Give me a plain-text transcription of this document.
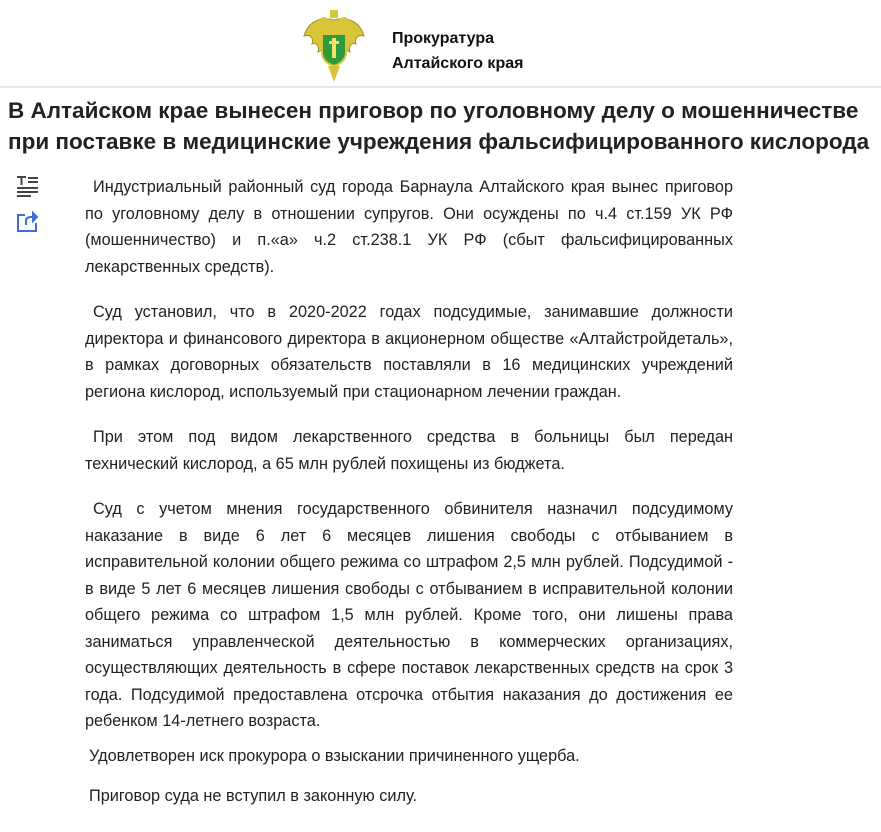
Прокуратура
Алтайского края
В Алтайском крае вынесен приговор по уголовному делу о мошенничестве при поставке в медицинские учреждения фальсифицированного кислорода

Индустриальный районный суд города Барнаула Алтайского края вынес приговор по уголовному делу в отношении супругов. Они осуждены по ч.4 ст.159 УК РФ (мошенничество) и п.«а» ч.2 ст.238.1 УК РФ (сбыт фальсифицированных лекарственных средств).

Суд установил, что в 2020-2022 годах подсудимые, занимавшие должности директора и финансового директора в акционерном обществе «Алтайстройдеталь», в рамках договорных обязательств поставляли в 16 медицинских учреждений региона кислород, используемый при стационарном лечении граждан.

При этом под видом лекарственного средства в больницы был передан технический кислород, а 65 млн рублей похищены из бюджета.

Суд с учетом мнения государственного обвинителя назначил подсудимому наказание в виде 6 лет 6 месяцев лишения свободы с отбыванием в исправительной колонии общего режима со штрафом 2,5 млн рублей. Подсудимой - в виде 5 лет 6 месяцев лишения свободы с отбыванием в исправительной колонии общего режима со штрафом 1,5 млн рублей. Кроме того, они лишены права заниматься управленческой деятельностью в коммерческих организациях, осуществляющих деятельность в сфере поставок лекарственных средств на срок 3 года. Подсудимой предоставлена отсрочка отбытия наказания до достижения ее ребенком 14-летнего возраста.

Удовлетворен иск прокурора о взыскании причиненного ущерба.

Приговор суда не вступил в законную силу.
